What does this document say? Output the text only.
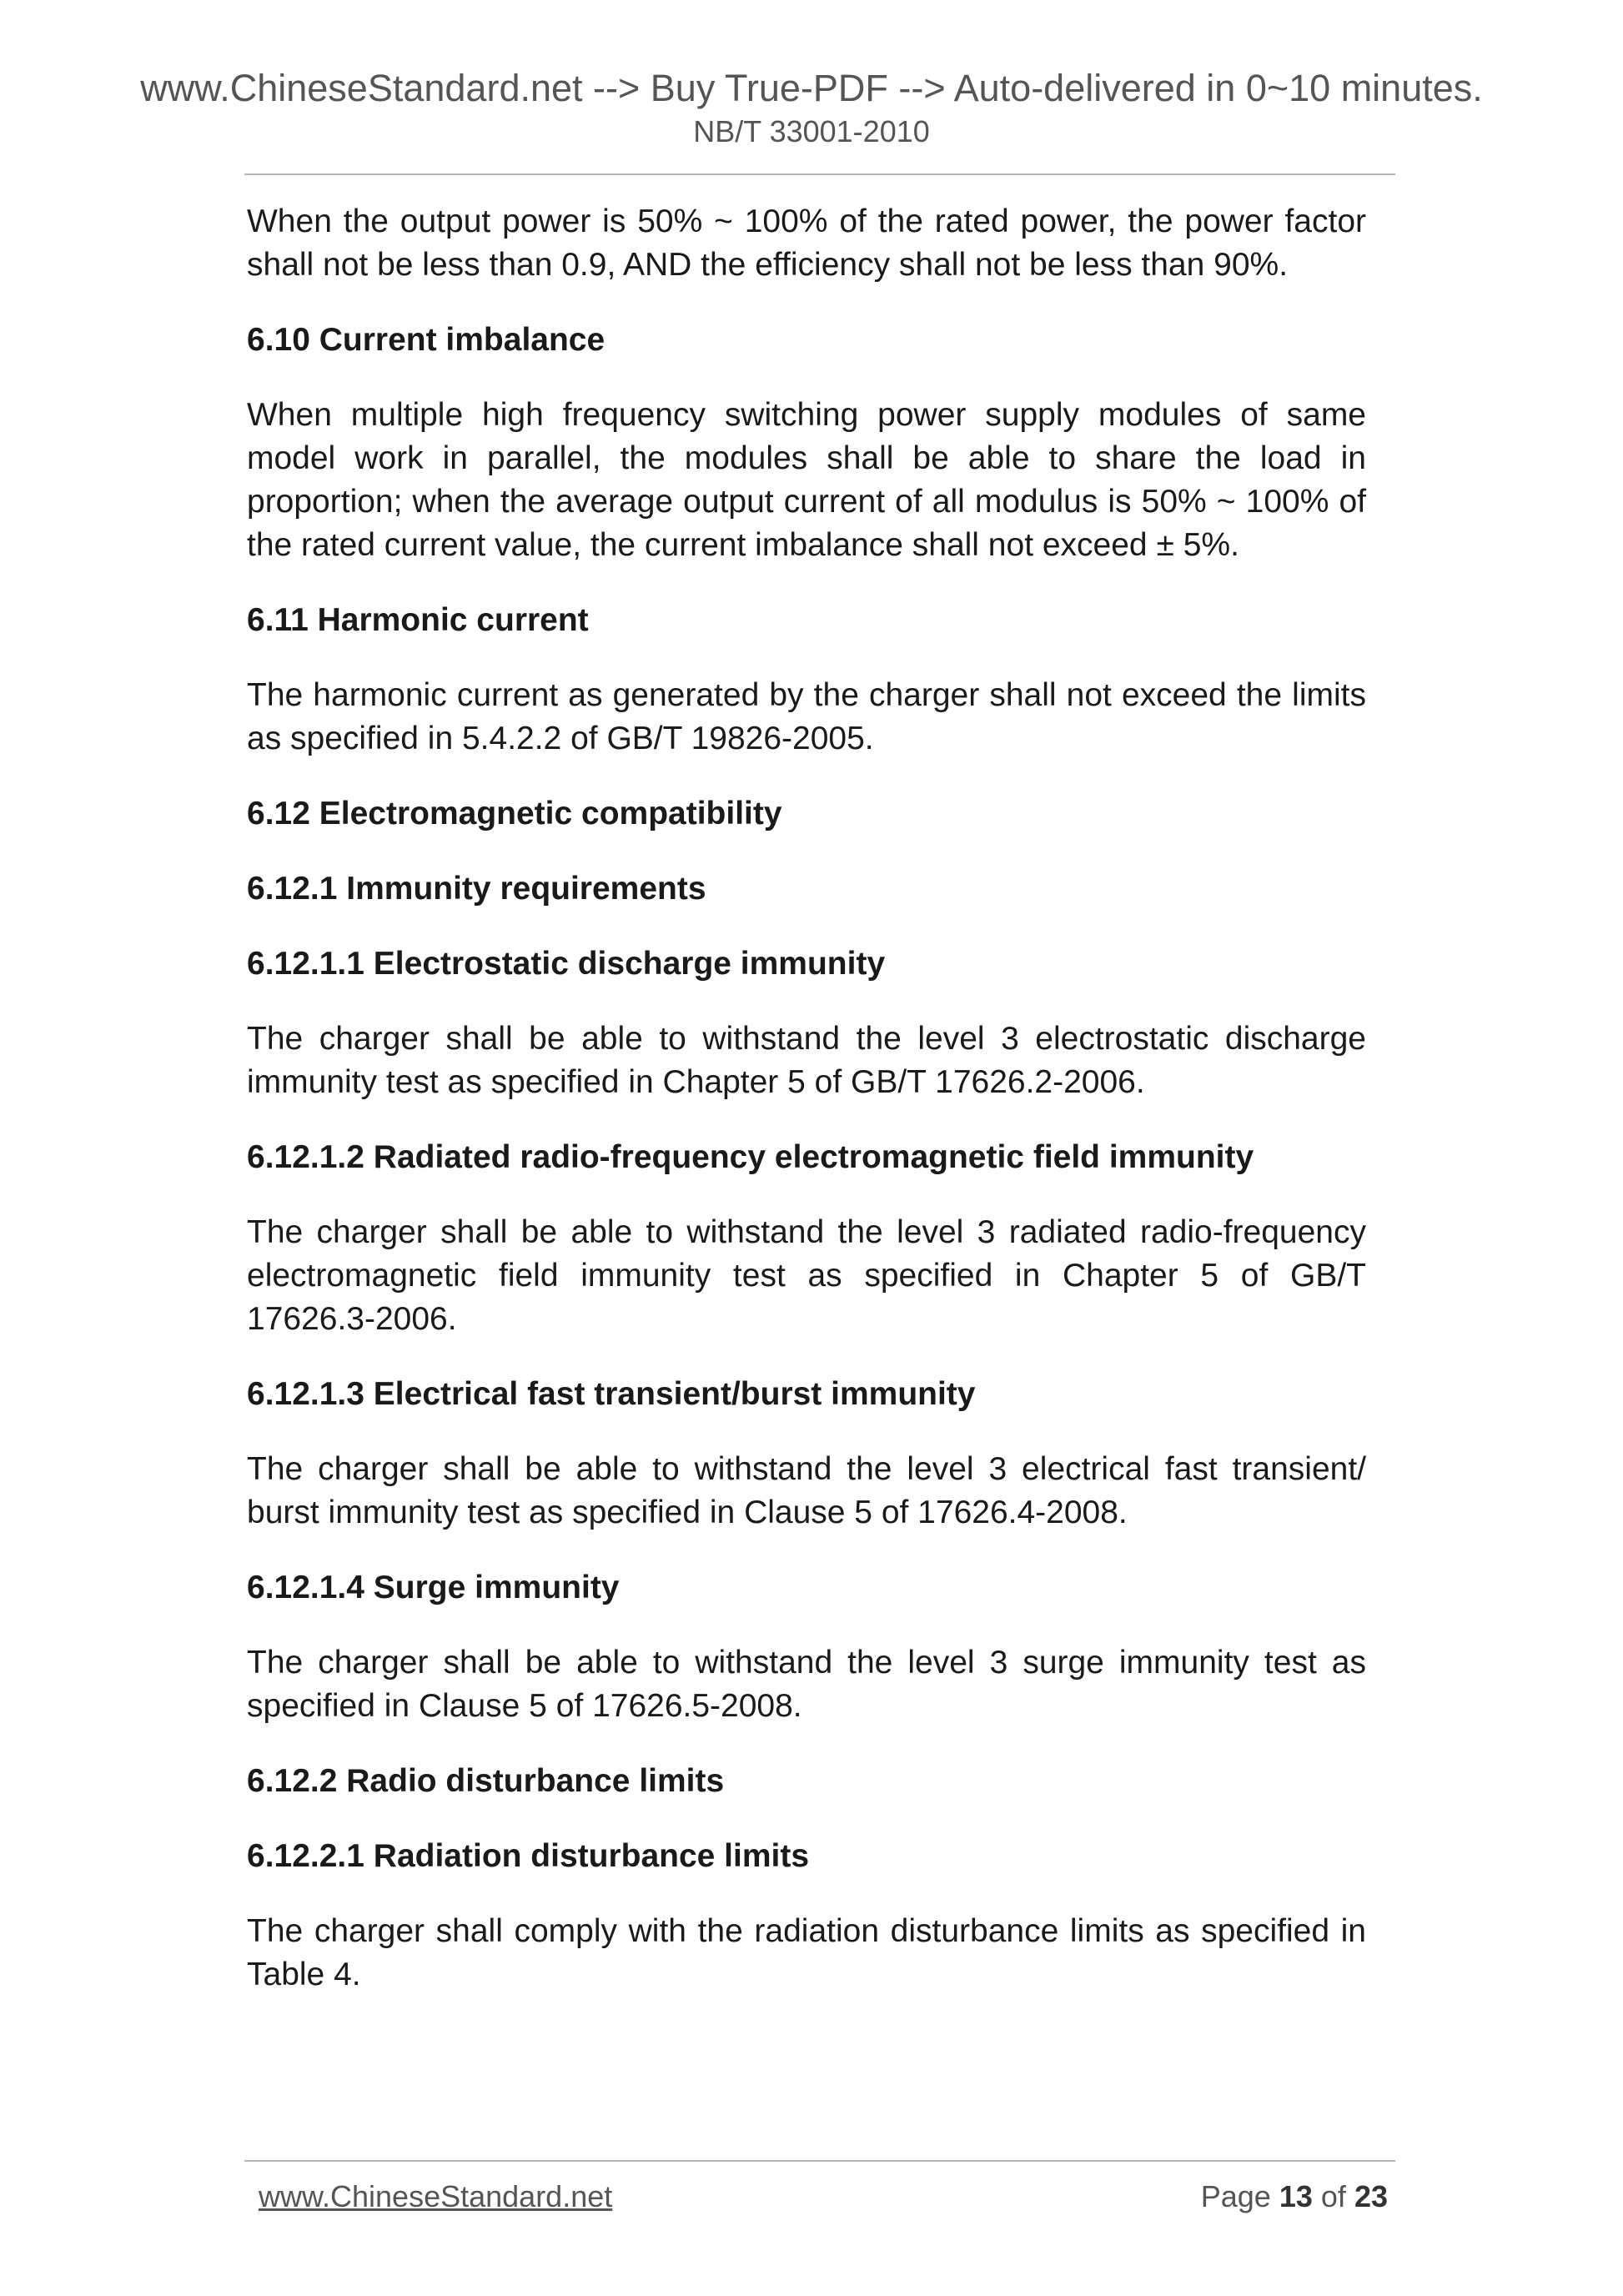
www.ChineseStandard.net --> Buy True-PDF --> Auto-delivered in 0~10 minutes.
NB/T 33001-2010

When the output power is 50% ~ 100% of the rated power, the power factor shall not be less than 0.9, AND the efficiency shall not be less than 90%.

6.10 Current imbalance

When multiple high frequency switching power supply modules of same model work in parallel, the modules shall be able to share the load in proportion; when the average output current of all modulus is 50% ~ 100% of the rated current value, the current imbalance shall not exceed ± 5%.

6.11 Harmonic current

The harmonic current as generated by the charger shall not exceed the limits as specified in 5.4.2.2 of GB/T 19826-2005.

6.12 Electromagnetic compatibility
6.12.1 Immunity requirements
6.12.1.1 Electrostatic discharge immunity

The charger shall be able to withstand the level 3 electrostatic discharge immunity test as specified in Chapter 5 of GB/T 17626.2-2006.

6.12.1.2 Radiated radio-frequency electromagnetic field immunity

The charger shall be able to withstand the level 3 radiated radio-frequency electromagnetic field immunity test as specified in Chapter 5 of GB/T 17626.3-2006.

6.12.1.3 Electrical fast transient/burst immunity

The charger shall be able to withstand the level 3 electrical fast transient/ burst immunity test as specified in Clause 5 of 17626.4-2008.

6.12.1.4 Surge immunity

The charger shall be able to withstand the level 3 surge immunity test as specified in Clause 5 of 17626.5-2008.

6.12.2 Radio disturbance limits
6.12.2.1 Radiation disturbance limits

The charger shall comply with the radiation disturbance limits as specified in Table 4.

www.ChineseStandard.net	Page 13 of 23
